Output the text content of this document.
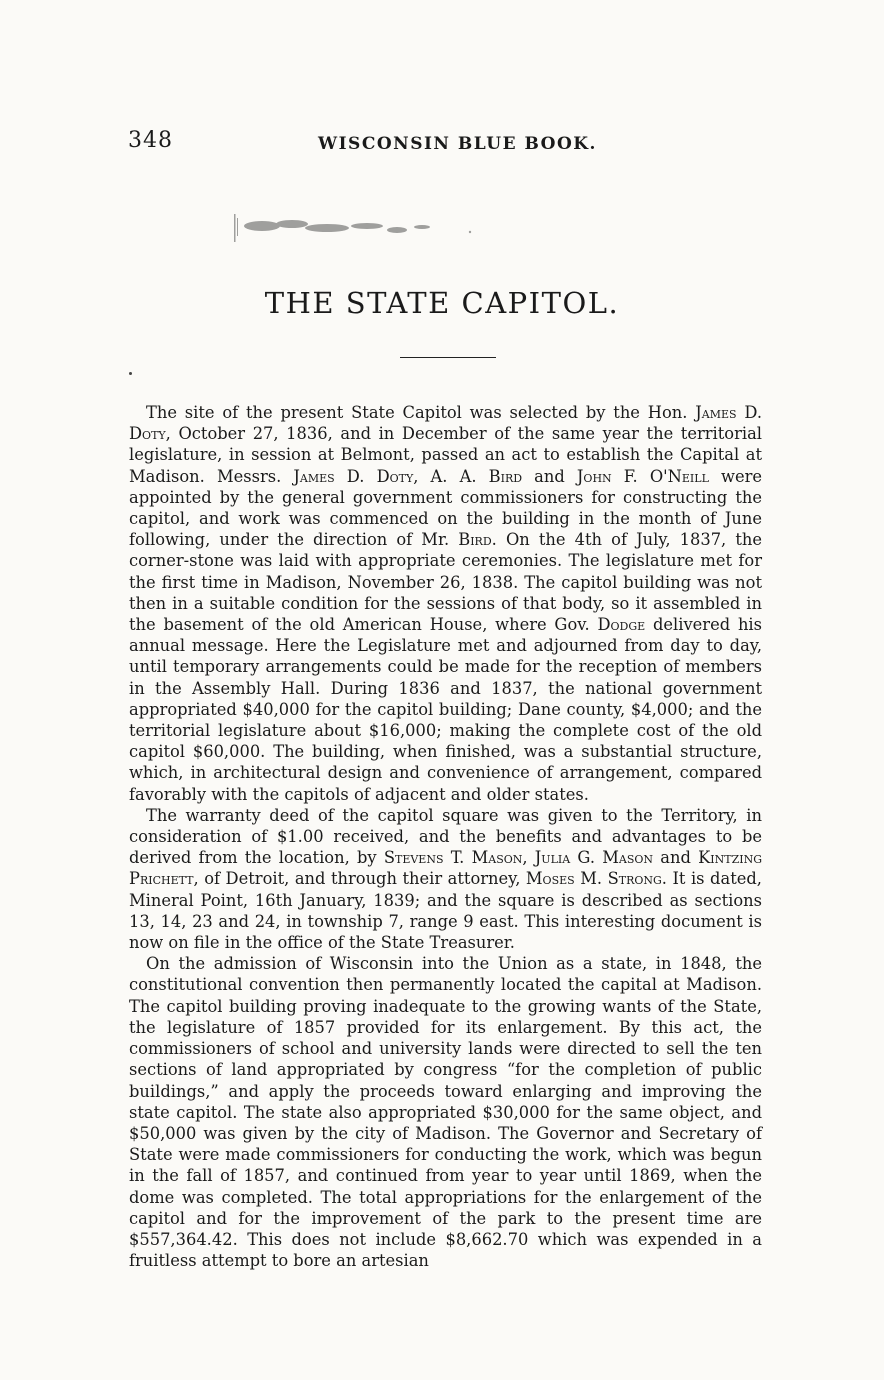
348	WISCONSIN BLUE BOOK.
THE STATE CAPITOL.

The site of the present State Capitol was selected by the Hon. James D. Doty, October 27, 1836, and in December of the same year the territorial legislature, in session at Belmont, passed an act to establish the Capital at Madison. Messrs. James D. Doty, A. A. Bird and John F. O'Neill were appointed by the general government commissioners for constructing the capitol, and work was commenced on the building in the month of June following, under the direction of Mr. Bird. On the 4th of July, 1837, the corner-stone was laid with appropriate ceremonies. The legislature met for the first time in Madison, November 26, 1838. The capitol building was not then in a suitable condition for the sessions of that body, so it assembled in the basement of the old American House, where Gov. Dodge delivered his annual message. Here the Legislature met and adjourned from day to day, until temporary arrangements could be made for the reception of members in the Assembly Hall. During 1836 and 1837, the national government appropriated $40,000 for the capitol building; Dane county, $4,000; and the territorial legislature about $16,000; making the complete cost of the old capitol $60,000. The building, when finished, was a substantial structure, which, in architectural design and convenience of arrangement, compared favorably with the capitols of adjacent and older states.

The warranty deed of the capitol square was given to the Territory, in consideration of $1.00 received, and the benefits and advantages to be derived from the location, by Stevens T. Mason, Julia G. Mason and Kintzing Prichett, of Detroit, and through their attorney, Moses M. Strong. It is dated, Mineral Point, 16th January, 1839; and the square is described as sections 13, 14, 23 and 24, in township 7, range 9 east. This interesting document is now on file in the office of the State Treasurer.

On the admission of Wisconsin into the Union as a state, in 1848, the constitutional convention then permanently located the capital at Madison. The capitol building proving inadequate to the growing wants of the State, the legislature of 1857 provided for its enlargement. By this act, the commissioners of school and university lands were directed to sell the ten sections of land appropriated by congress “for the completion of public buildings,” and apply the proceeds toward enlarging and improving the state capitol. The state also appropriated $30,000 for the same object, and $50,000 was given by the city of Madison. The Governor and Secretary of State were made commissioners for conducting the work, which was begun in the fall of 1857, and continued from year to year until 1869, when the dome was completed. The total appropriations for the enlargement of the capitol and for the improvement of the park to the present time are $557,364.42. This does not include $8,662.70 which was expended in a fruitless attempt to bore an artesian
